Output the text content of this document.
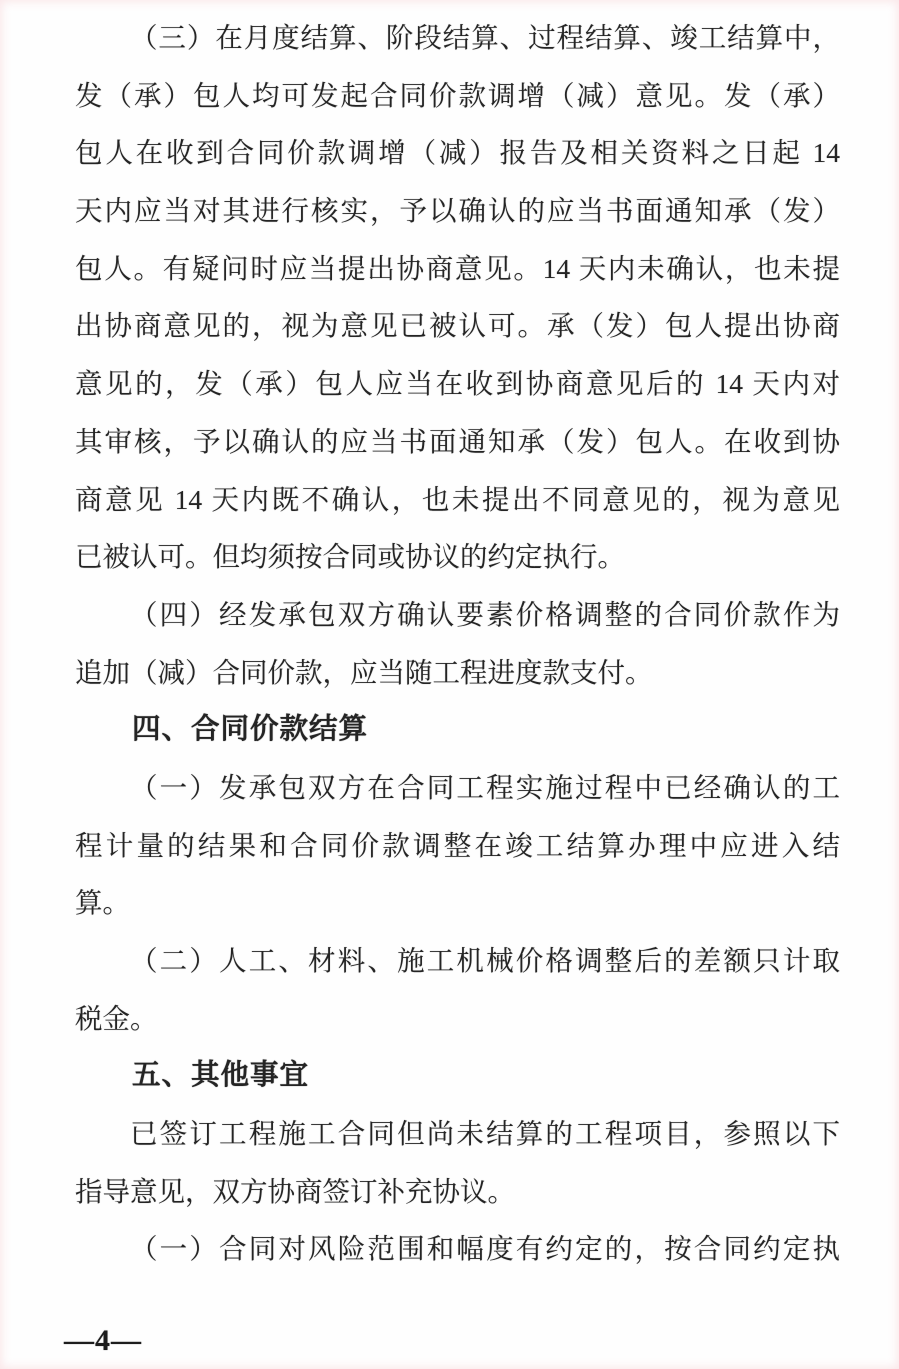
（三）在月度结算、阶段结算、过程结算、竣工结算中，
发（承）包人均可发起合同价款调增（减）意见。发（承）
包人在收到合同价款调增（减）报告及相关资料之日起 14
天内应当对其进行核实，予以确认的应当书面通知承（发）
包人。有疑问时应当提出协商意见。14 天内未确认，也未提
出协商意见的，视为意见已被认可。承（发）包人提出协商
意见的，发（承）包人应当在收到协商意见后的 14 天内对
其审核，予以确认的应当书面通知承（发）包人。在收到协
商意见 14 天内既不确认，也未提出不同意见的，视为意见
已被认可。但均须按合同或协议的约定执行。
（四）经发承包双方确认要素价格调整的合同价款作为
追加（减）合同价款，应当随工程进度款支付。
四、合同价款结算
（一）发承包双方在合同工程实施过程中已经确认的工
程计量的结果和合同价款调整在竣工结算办理中应进入结
算。
（二）人工、材料、施工机械价格调整后的差额只计取
税金。
五、其他事宜
已签订工程施工合同但尚未结算的工程项目，参照以下
指导意见，双方协商签订补充协议。
（一）合同对风险范围和幅度有约定的，按合同约定执
—4—
